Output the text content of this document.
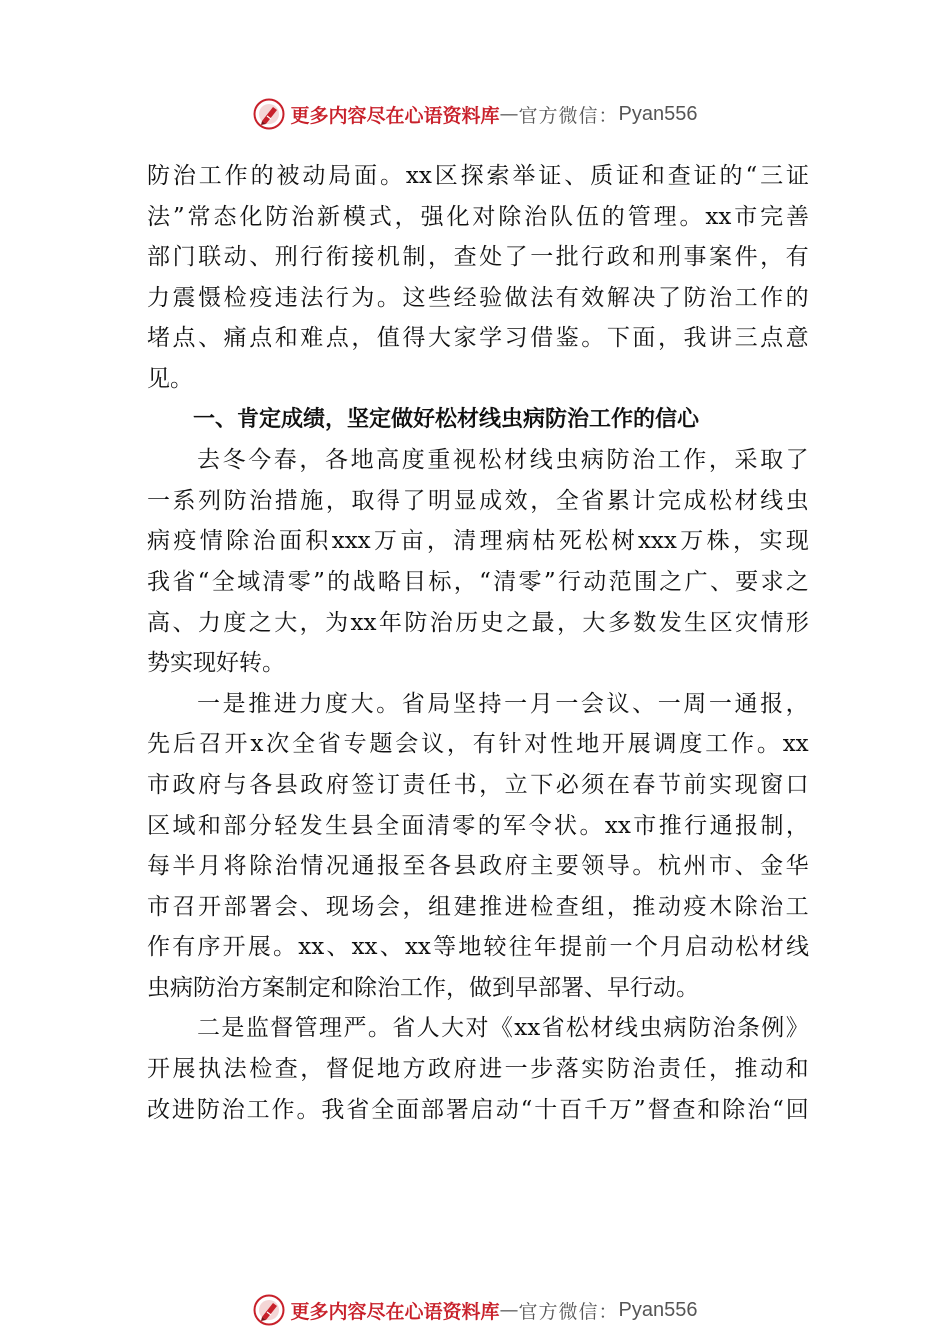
更多内容尽在心语资料库 — 官方微信： Pyan556
防 治 工 作 的 被 动 局 面 。 xx 区 探 索 举 证 、 质 证 和 查 证 的 “ 三 证
法 ” 常 态 化 防 治 新 模 式 ， 强 化 对 除 治 队 伍 的 管 理 。 xx 市 完 善
部 门 联 动 、 刑 行 衔 接 机 制 ， 查 处 了 一 批 行 政 和 刑 事 案 件 ， 有
力 震 慑 检 疫 违 法 行 为 。 这 些 经 验 做 法 有 效 解 决 了 防 治 工 作 的
堵 点 、 痛 点 和 难 点 ， 值 得 大 家 学 习 借 鉴 。 下 面 ， 我 讲 三 点 意
见。
一、肯定成绩，坚定做好松材线虫病防治工作的信心
去 冬 今 春 ， 各 地 高 度 重 视 松 材 线 虫 病 防 治 工 作 ， 采 取 了
一 系 列 防 治 措 施 ， 取 得 了 明 显 成 效 ， 全 省 累 计 完 成 松 材 线 虫
病 疫 情 除 治 面 积 xxx 万 亩 ， 清 理 病 枯 死 松 树 xxx 万 株 ， 实 现
我 省 “ 全 域 清 零 ” 的 战 略 目 标 ， “ 清 零 ” 行 动 范 围 之 广 、 要 求 之
高 、 力 度 之 大 ， 为 xx 年 防 治 历 史 之 最 ， 大 多 数 发 生 区 灾 情 形
势实现好转。
一 是 推 进 力 度 大 。 省 局 坚 持 一 月 一 会 议 、 一 周 一 通 报 ，
先 后 召 开 x 次 全 省 专 题 会 议 ， 有 针 对 性 地 开 展 调 度 工 作 。 xx
市 政 府 与 各 县 政 府 签 订 责 任 书 ， 立 下 必 须 在 春 节 前 实 现 窗 口
区 域 和 部 分 轻 发 生 县 全 面 清 零 的 军 令 状 。 xx 市 推 行 通 报 制 ，
每 半 月 将 除 治 情 况 通 报 至 各 县 政 府 主 要 领 导 。 杭 州 市 、 金 华
市 召 开 部 署 会 、 现 场 会 ， 组 建 推 进 检 查 组 ， 推 动 疫 木 除 治 工
作 有 序 开 展 。 xx 、 xx 、 xx 等 地 较 往 年 提 前 一 个 月 启 动 松 材 线
虫病防治方案制定和除治工作，做到早部署、早行动。
二 是 监 督 管 理 严 。 省 人 大 对 《 xx 省 松 材 线 虫 病 防 治 条 例 》
开 展 执 法 检 查 ， 督 促 地 方 政 府 进 一 步 落 实 防 治 责 任 ， 推 动 和
改 进 防 治 工 作 。 我 省 全 面 部 署 启 动 “ 十 百 千 万 ” 督 查 和 除 治 “ 回
更多内容尽在心语资料库 — 官方微信： Pyan556
